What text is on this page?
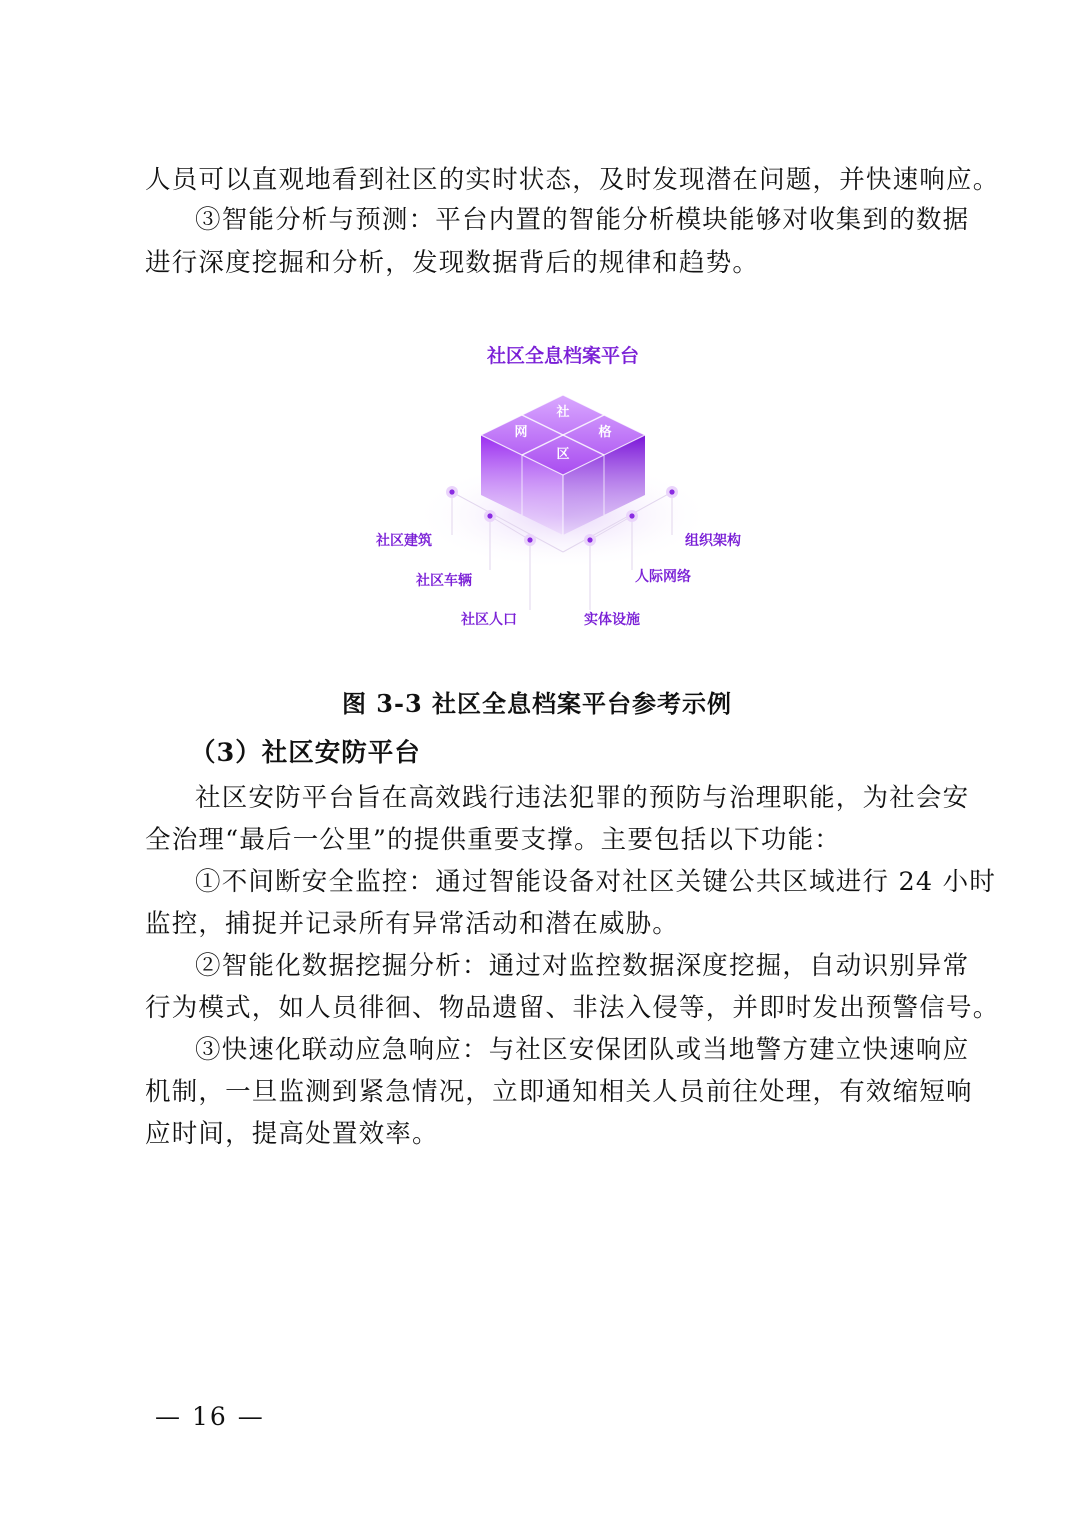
人员可以直观地看到社区的实时状态，及时发现潜在问题，并快速响应。
③智能分析与预测：平台内置的智能分析模块能够对收集到的数据
进行深度挖掘和分析，发现数据背后的规律和趋势。
社区全息档案平台
社
网	格
区
社区建筑
社区车辆
社区人口
组织架构
人际网络
实体设施
图 3-3 社区全息档案平台参考示例
（3）社区安防平台
社区安防平台旨在高效践行违法犯罪的预防与治理职能，为社会安
全治理“最后一公里”的提供重要支撑。主要包括以下功能：
①不间断安全监控：通过智能设备对社区关键公共区域进行 24 小时
监控，捕捉并记录所有异常活动和潜在威胁。
②智能化数据挖掘分析：通过对监控数据深度挖掘，自动识别异常
行为模式，如人员徘徊、物品遗留、非法入侵等，并即时发出预警信号。
③快速化联动应急响应：与社区安保团队或当地警方建立快速响应
机制，一旦监测到紧急情况，立即通知相关人员前往处理，有效缩短响
应时间，提高处置效率。
— 16 —
